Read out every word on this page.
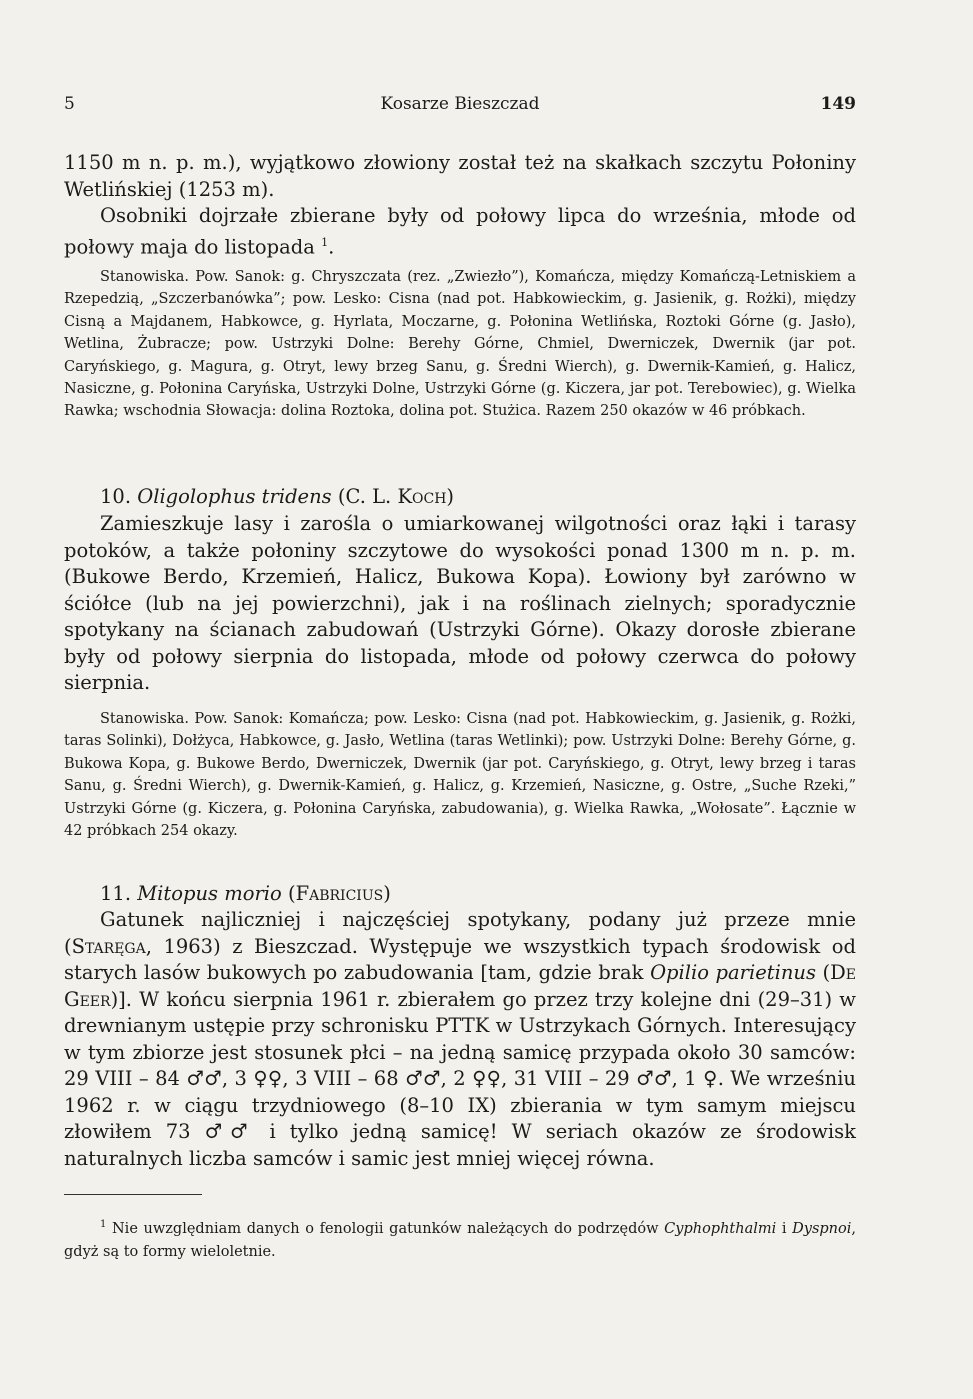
5	Kosarze Bieszczad	149

1150 m n. p. m.), wyjątkowo złowiony został też na skałkach szczytu Połoniny Wetlińskiej (1253 m).

Osobniki dojrzałe zbierane były od połowy lipca do września, młode od połowy maja do listopada $^1$.

Stanowiska. Pow. Sanok: g. Chryszczata (rez. „Zwiezło”), Komańcza, między Komańczą-Letniskiem a Rzepedzią, „Szczerbanówka”; pow. Lesko: Cisna (nad pot. Habkowieckim, g. Jasienik, g. Rożki), między Cisną a Majdanem, Habkowce, g. Hyrlata, Moczarne, g. Połonina Wetlińska, Roztoki Górne (g. Jasło), Wetlina, Żubracze; pow. Ustrzyki Dolne: Berehy Górne, Chmiel, Dwerniczek, Dwernik (jar pot. Caryńskiego, g. Magura, g. Otryt, lewy brzeg Sanu, g. Średni Wierch), g. Dwernik-Kamień, g. Halicz, Nasiczne, g. Połonina Caryńska, Ustrzyki Dolne, Ustrzyki Górne (g. Kiczera, jar pot. Terebowiec), g. Wielka Rawka; wschodnia Słowacja: dolina Roztoka, dolina pot. Stużica. Razem 250 okazów w 46 próbkach.

10. Oligolophus tridens (C. L. Koch)

Zamieszkuje lasy i zarośla o umiarkowanej wilgotności oraz łąki i tarasy potoków, a także połoniny szczytowe do wysokości ponad 1300 m n. p. m. (Bukowe Berdo, Krzemień, Halicz, Bukowa Kopa). Łowiony był zarówno w ściółce (lub na jej powierzchni), jak i na roślinach zielnych; sporadycznie spotykany na ścianach zabudowań (Ustrzyki Górne). Okazy dorosłe zbierane były od połowy sierpnia do listopada, młode od połowy czerwca do połowy sierpnia.

Stanowiska. Pow. Sanok: Komańcza; pow. Lesko: Cisna (nad pot. Habkowieckim, g. Jasienik, g. Rożki, taras Solinki), Dołżyca, Habkowce, g. Jasło, Wetlina (taras Wetlinki); pow. Ustrzyki Dolne: Berehy Górne, g. Bukowa Kopa, g. Bukowe Berdo, Dwerniczek, Dwernik (jar pot. Caryńskiego, g. Otryt, lewy brzeg i taras Sanu, g. Średni Wierch), g. Dwernik-Kamień, g. Halicz, g. Krzemień, Nasiczne, g. Ostre, „Suche Rzeki,” Ustrzyki Górne (g. Kiczera, g. Połonina Caryńska, zabudowania), g. Wielka Rawka, „Wołosate”. Łącznie w 42 próbkach 254 okazy.

11. Mitopus morio (Fabricius)

Gatunek najliczniej i najczęściej spotykany, podany już przeze mnie (Staręga, 1963) z Bieszczad. Występuje we wszystkich typach środowisk od starych lasów bukowych po zabudowania [tam, gdzie brak Opilio parietinus (De Geer)]. W końcu sierpnia 1961 r. zbierałem go przez trzy kolejne dni (29–31) w drewnianym ustępie przy schronisku PTTK w Ustrzykach Górnych. Interesujący w tym zbiorze jest stosunek płci – na jedną samicę przypada około 30 samców: 29 VIII – 84 ♂♂, 3 ♀♀, 3 VIII – 68 ♂♂, 2 ♀♀, 31 VIII – 29 ♂♂, 1 ♀. We wrześniu 1962 r. w ciągu trzydniowego (8–10 IX) zbierania w tym samym miejscu złowiłem 73 ♂♂ i tylko jedną samicę! W seriach okazów ze środowisk naturalnych liczba samców i samic jest mniej więcej równa.

$^1$ Nie uwzględniam danych o fenologii gatunków należących do podrzędów Cyphophthalmi i Dyspnoi, gdyż są to formy wieloletnie.
